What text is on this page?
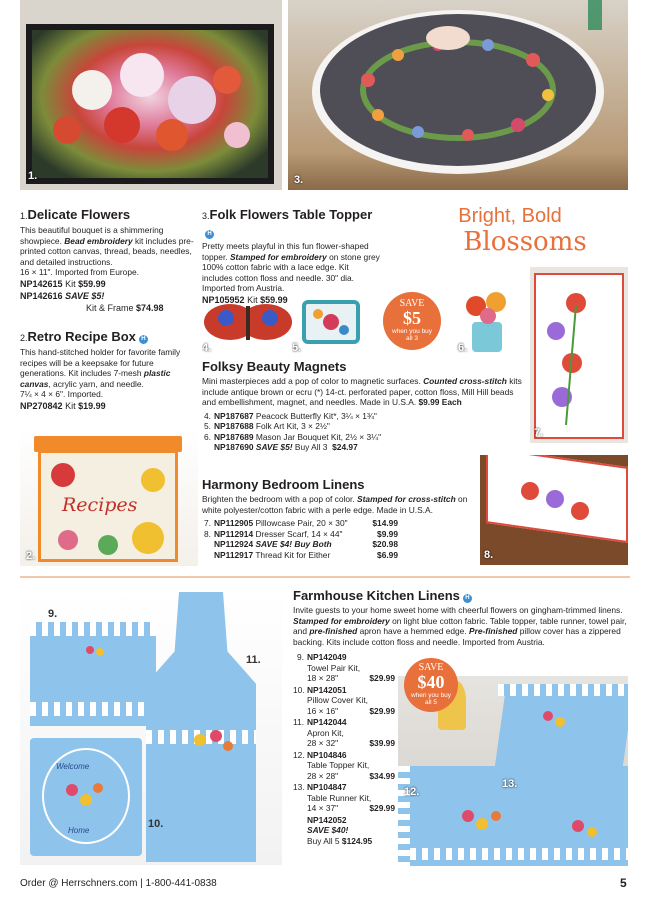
1.	3.
1.Delicate Flowers
This beautiful bouquet is a shimmering showpiece. Bead embroidery kit includes pre-printed cotton canvas, thread, beads, needles, and detailed instructions.
16 × 11". Imported from Europe.
NP142615 Kit $59.99
NP142616 SAVE $5!
Kit & Frame $74.98
2.Retro Recipe Box H
This hand-stitched holder for favorite family recipes will be a keepsake for future generations. Kit includes 7-mesh plastic canvas, acrylic yarn, and needle.
7¼ × 4 × 6". Imported.
NP270842 Kit $19.99
Recipes
2.
3.Folk Flowers Table TopperH
Pretty meets playful in this fun flower-shaped topper. Stamped for embroidery on stone grey 100% cotton fabric with a lace edge. Kit includes cotton floss and needle. 30" dia. Imported from Austria.
NP105952 Kit $59.99
Bright, Bold
Blossoms
4.	5.
SAVE
$5
when you buy all 3
6.
7.
Folksy Beauty Magnets
Mini masterpieces add a pop of color to magnetic surfaces. Counted cross-stitch kits include antique brown or ecru (*) 14-ct. perforated paper, cotton floss, Mill Hill beads and embellishment, magnet, and needles. Made in U.S.A. $9.99 Each
4. NP187687
Peacock Butterfly Kit*, 3¼ × 1¾"
5. NP187688
Folk Art Kit, 3 × 2½"
6. NP187689
Mason Jar Bouquet Kit, 2½ × 3¼"
NP187690
SAVE $5!
Buy All 3
$24.97
Harmony Bedroom Linens
Brighten the bedroom with a pop of color. Stamped for cross-stitch on white polyester/cotton fabric with a perle edge. Made in U.S.A.
7. NP112905 Pillowcase Pair, 20 × 30"	$14.99
8. NP112914 Dresser Scarf, 14 × 44"	$9.99
NP112924 SAVE $4! Buy Both	$20.98
NP112917 Thread Kit for Either	$6.99	8.
Welcome
Home
9.
10.
11.
Farmhouse Kitchen Linens H
Invite guests to your home sweet home with cheerful flowers on gingham-trimmed linens. Stamped for embroidery on light blue cotton fabric. Table topper, table runner, towel pair, and pre-finished apron have a hemmed edge. Pre-finished pillow cover has a zippered backing. Kits include cotton floss and needle. Imported from Austria.
9. NP142049
Towel Pair Kit,
18 × 28"	$29.99
10. NP142051
Pillow Cover Kit,
16 × 16"	$29.99
11. NP142044
Apron Kit,
28 × 32"	$39.99
12. NP104846
Table Topper Kit,
28 × 28"	$34.99
13. NP104847
Table Runner Kit,
14 × 37"	$29.99
NP142052
SAVE $40!
Buy All 5 $124.95
12.
13.
SAVE
$40
when you buy all 5
Order @ Herrschners.com | 1-800-441-0838	5
